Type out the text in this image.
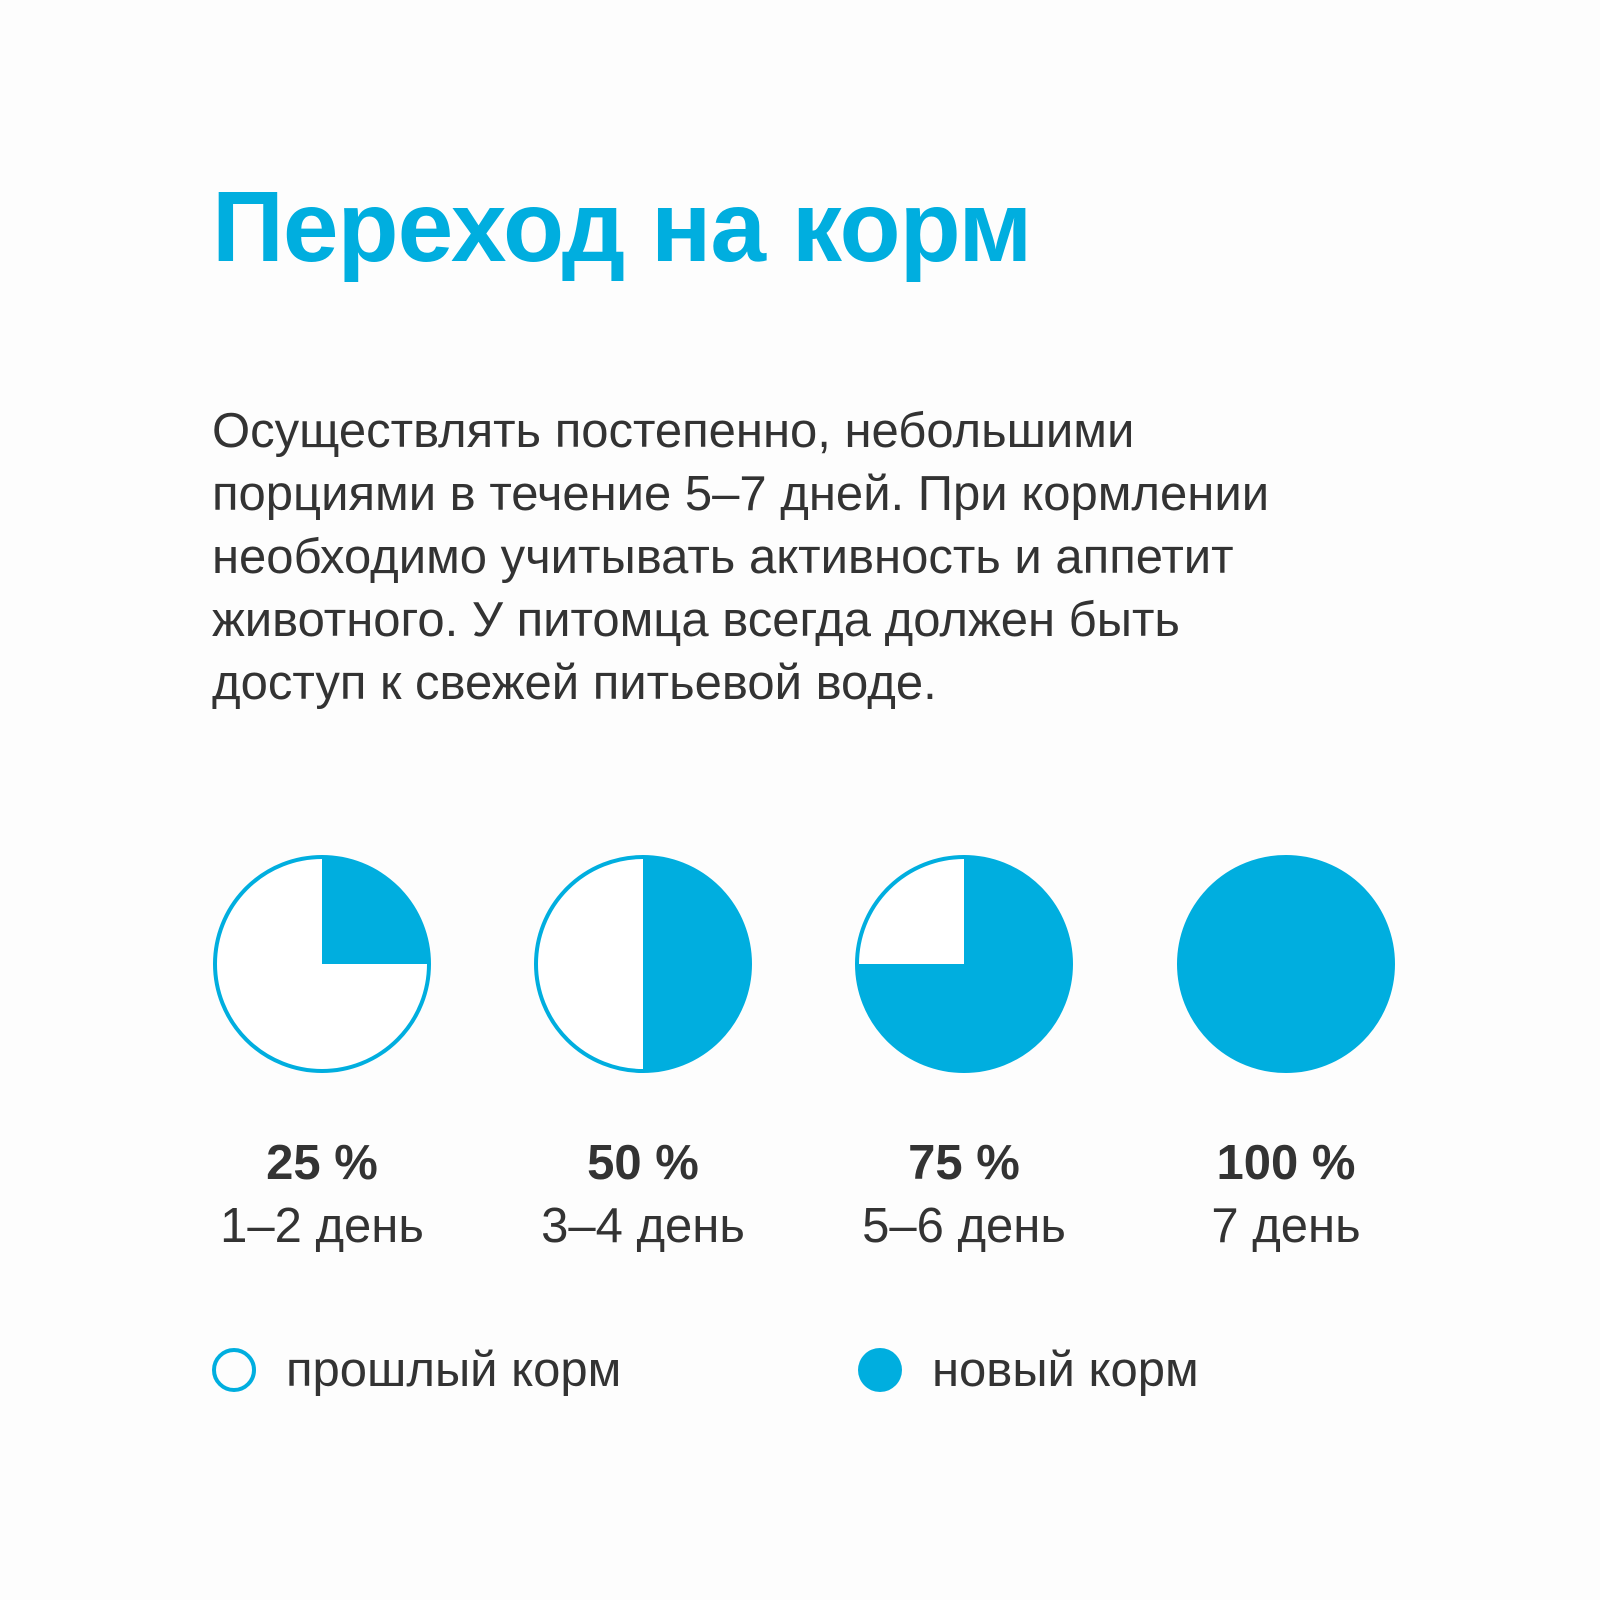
Переход на корм

Осуществлять постепенно, небольшими
порциями в течение 5–7 дней. При кормлении
необходимо учитывать активность и аппетит
животного. У питомца всегда должен быть
доступ к свежей питьевой воде.

25 %
1–2 день
50 %
3–4 день
75 %
5–6 день
100 %
7 день
прошлый корм	новый корм
